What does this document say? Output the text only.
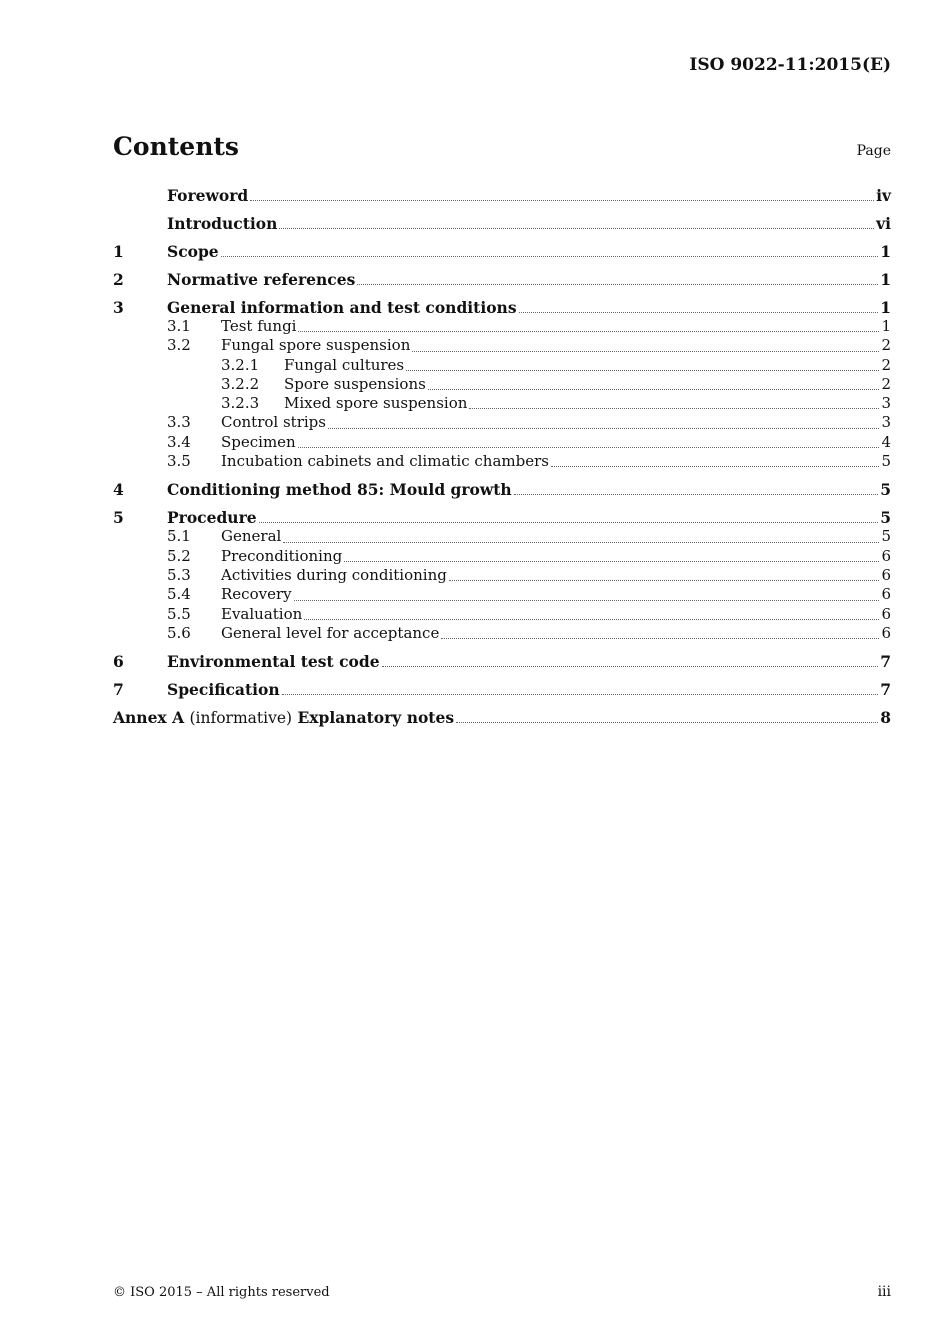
ISO 9022-11:2015(E)
Contents	Page
Foreword	iv
Introduction	vi
1	Scope	1
2	Normative references	1
3	General information and test conditions	1
3.1	Test fungi	1
3.2	Fungal spore suspension	2
3.2.1	Fungal cultures	2
3.2.2	Spore suspensions	2
3.2.3	Mixed spore suspension	3
3.3	Control strips	3
3.4	Specimen	4
3.5	Incubation cabinets and climatic chambers	5
4	Conditioning method 85: Mould growth	5
5	Procedure	5
5.1	General	5
5.2	Preconditioning	6
5.3	Activities during conditioning	6
5.4	Recovery	6
5.5	Evaluation	6
5.6	General level for acceptance	6
6	Environmental test code	7
7	Specification	7
Annex A (informative) Explanatory notes	8
© ISO 2015 – All rights reserved	iii
